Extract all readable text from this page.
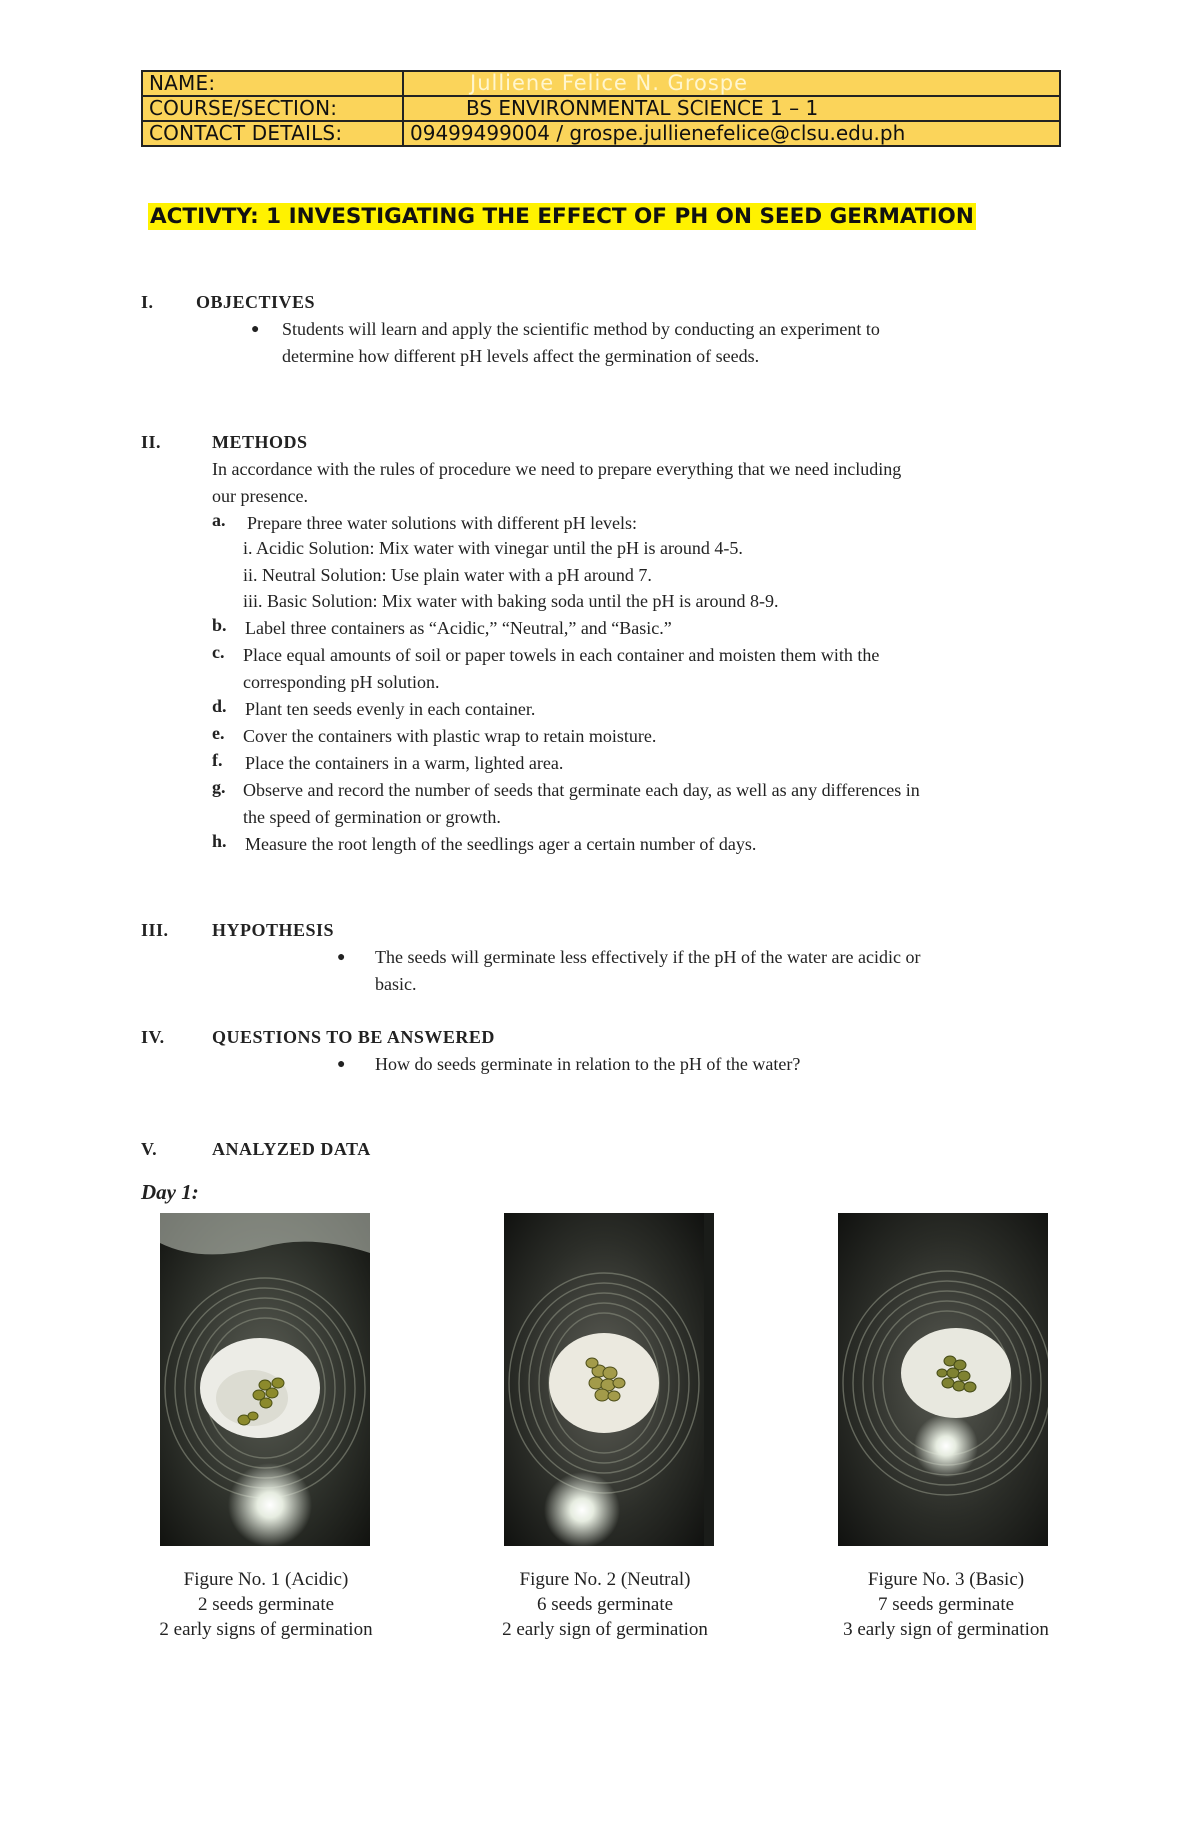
NAME:	Julliene Felice N. Grospe
COURSE/SECTION:	BS ENVIRONMENTAL SCIENCE 1 – 1
CONTACT DETAILS:	09499499004 / grospe.jullienefelice@clsu.edu.ph
ACTIVTY: 1 INVESTIGATING THE EFFECT OF PH ON SEED GERMATION
I. OBJECTIVES
● Students will learn and apply the scientific method by conducting an experiment to
determine how different pH levels affect the germination of seeds.
II.	METHODS
In accordance with the rules of procedure we need to prepare everything that we need including
our presence.
a. Prepare three water solutions with different pH levels:
i. Acidic Solution: Mix water with vinegar until the pH is around 4-5.
ii. Neutral Solution: Use plain water with a pH around 7.
iii. Basic Solution: Mix water with baking soda until the pH is around 8-9.
b. Label three containers as “Acidic,” “Neutral,” and “Basic.”
c. Place equal amounts of soil or paper towels in each container and moisten them with the
corresponding pH solution.
d. Plant ten seeds evenly in each container.
e. Cover the containers with plastic wrap to retain moisture.
f. Place the containers in a warm, lighted area.
g. Observe and record the number of seeds that germinate each day, as well as any differences in
the speed of germination or growth.
h. Measure the root length of the seedlings ager a certain number of days.
III. HYPOTHESIS
● The seeds will germinate less effectively if the pH of the water are acidic or
basic.
IV.	QUESTIONS TO BE ANSWERED
● How do seeds germinate in relation to the pH of the water?
V.	ANALYZED DATA
Day 1:
Figure No. 1 (Acidic)
2 seeds germinate
2 early signs of germination
Figure No. 2 (Neutral)
6 seeds germinate
2 early sign of germination
Figure No. 3 (Basic)
7 seeds germinate
3 early sign of germination
